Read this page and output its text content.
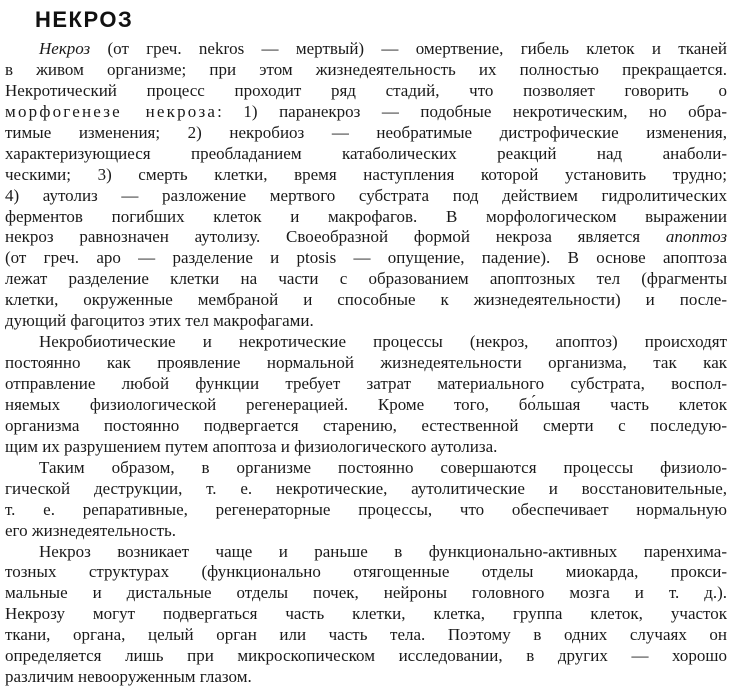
НЕКРОЗ
Некроз (от греч. nekros — мертвый) — омертвение, гибель клеток и тканей
в живом организме; при этом жизнедеятельность их полностью прекращается.
Некротический процесс проходит ряд стадий, что позволяет говорить о
морфогенезе некроза: 1) паранекроз — подобные некротическим, но обра-
тимые изменения; 2) некробиоз — необратимые дистрофические изменения,
характеризующиеся преобладанием катаболических реакций над анаболи-
ческими; 3) смерть клетки, время наступления которой установить трудно;
4) аутолиз — разложение мертвого субстрата под действием гидролитических
ферментов погибших клеток и макрофагов. В морфологическом выражении
некроз равнозначен аутолизу. Своеобразной формой некроза является апоптоз
(от греч. apo — разделение и ptosis — опущение, падение). В основе апоптоза
лежат разделение клетки на части с образованием апоптозных тел (фрагменты
клетки, окруженные мембраной и способные к жизнедеятельности) и после-
дующий фагоцитоз этих тел макрофагами.
Некробиотические и некротические процессы (некроз, апоптоз) происходят
постоянно как проявление нормальной жизнедеятельности организма, так как
отправление любой функции требует затрат материального субстрата, воспол-
няемых физиологической регенерацией. Кроме того, бо́льшая часть клеток
организма постоянно подвергается старению, естественной смерти с последую-
щим их разрушением путем апоптоза и физиологического аутолиза.
Таким образом, в организме постоянно совершаются процессы физиоло-
гической деструкции, т. е. некротические, аутолитические и восстановительные,
т. е. репаративные, регенераторные процессы, что обеспечивает нормальную
его жизнедеятельность.
Некроз возникает чаще и раньше в функционально-активных паренхима-
тозных структурах (функционально отягощенные отделы миокарда, прокси-
мальные и дистальные отделы почек, нейроны головного мозга и т. д.).
Некрозу могут подвергаться часть клетки, клетка, группа клеток, участок
ткани, органа, целый орган или часть тела. Поэтому в одних случаях он
определяется лишь при микроскопическом исследовании, в других — хорошо
различим невооруженным глазом.
